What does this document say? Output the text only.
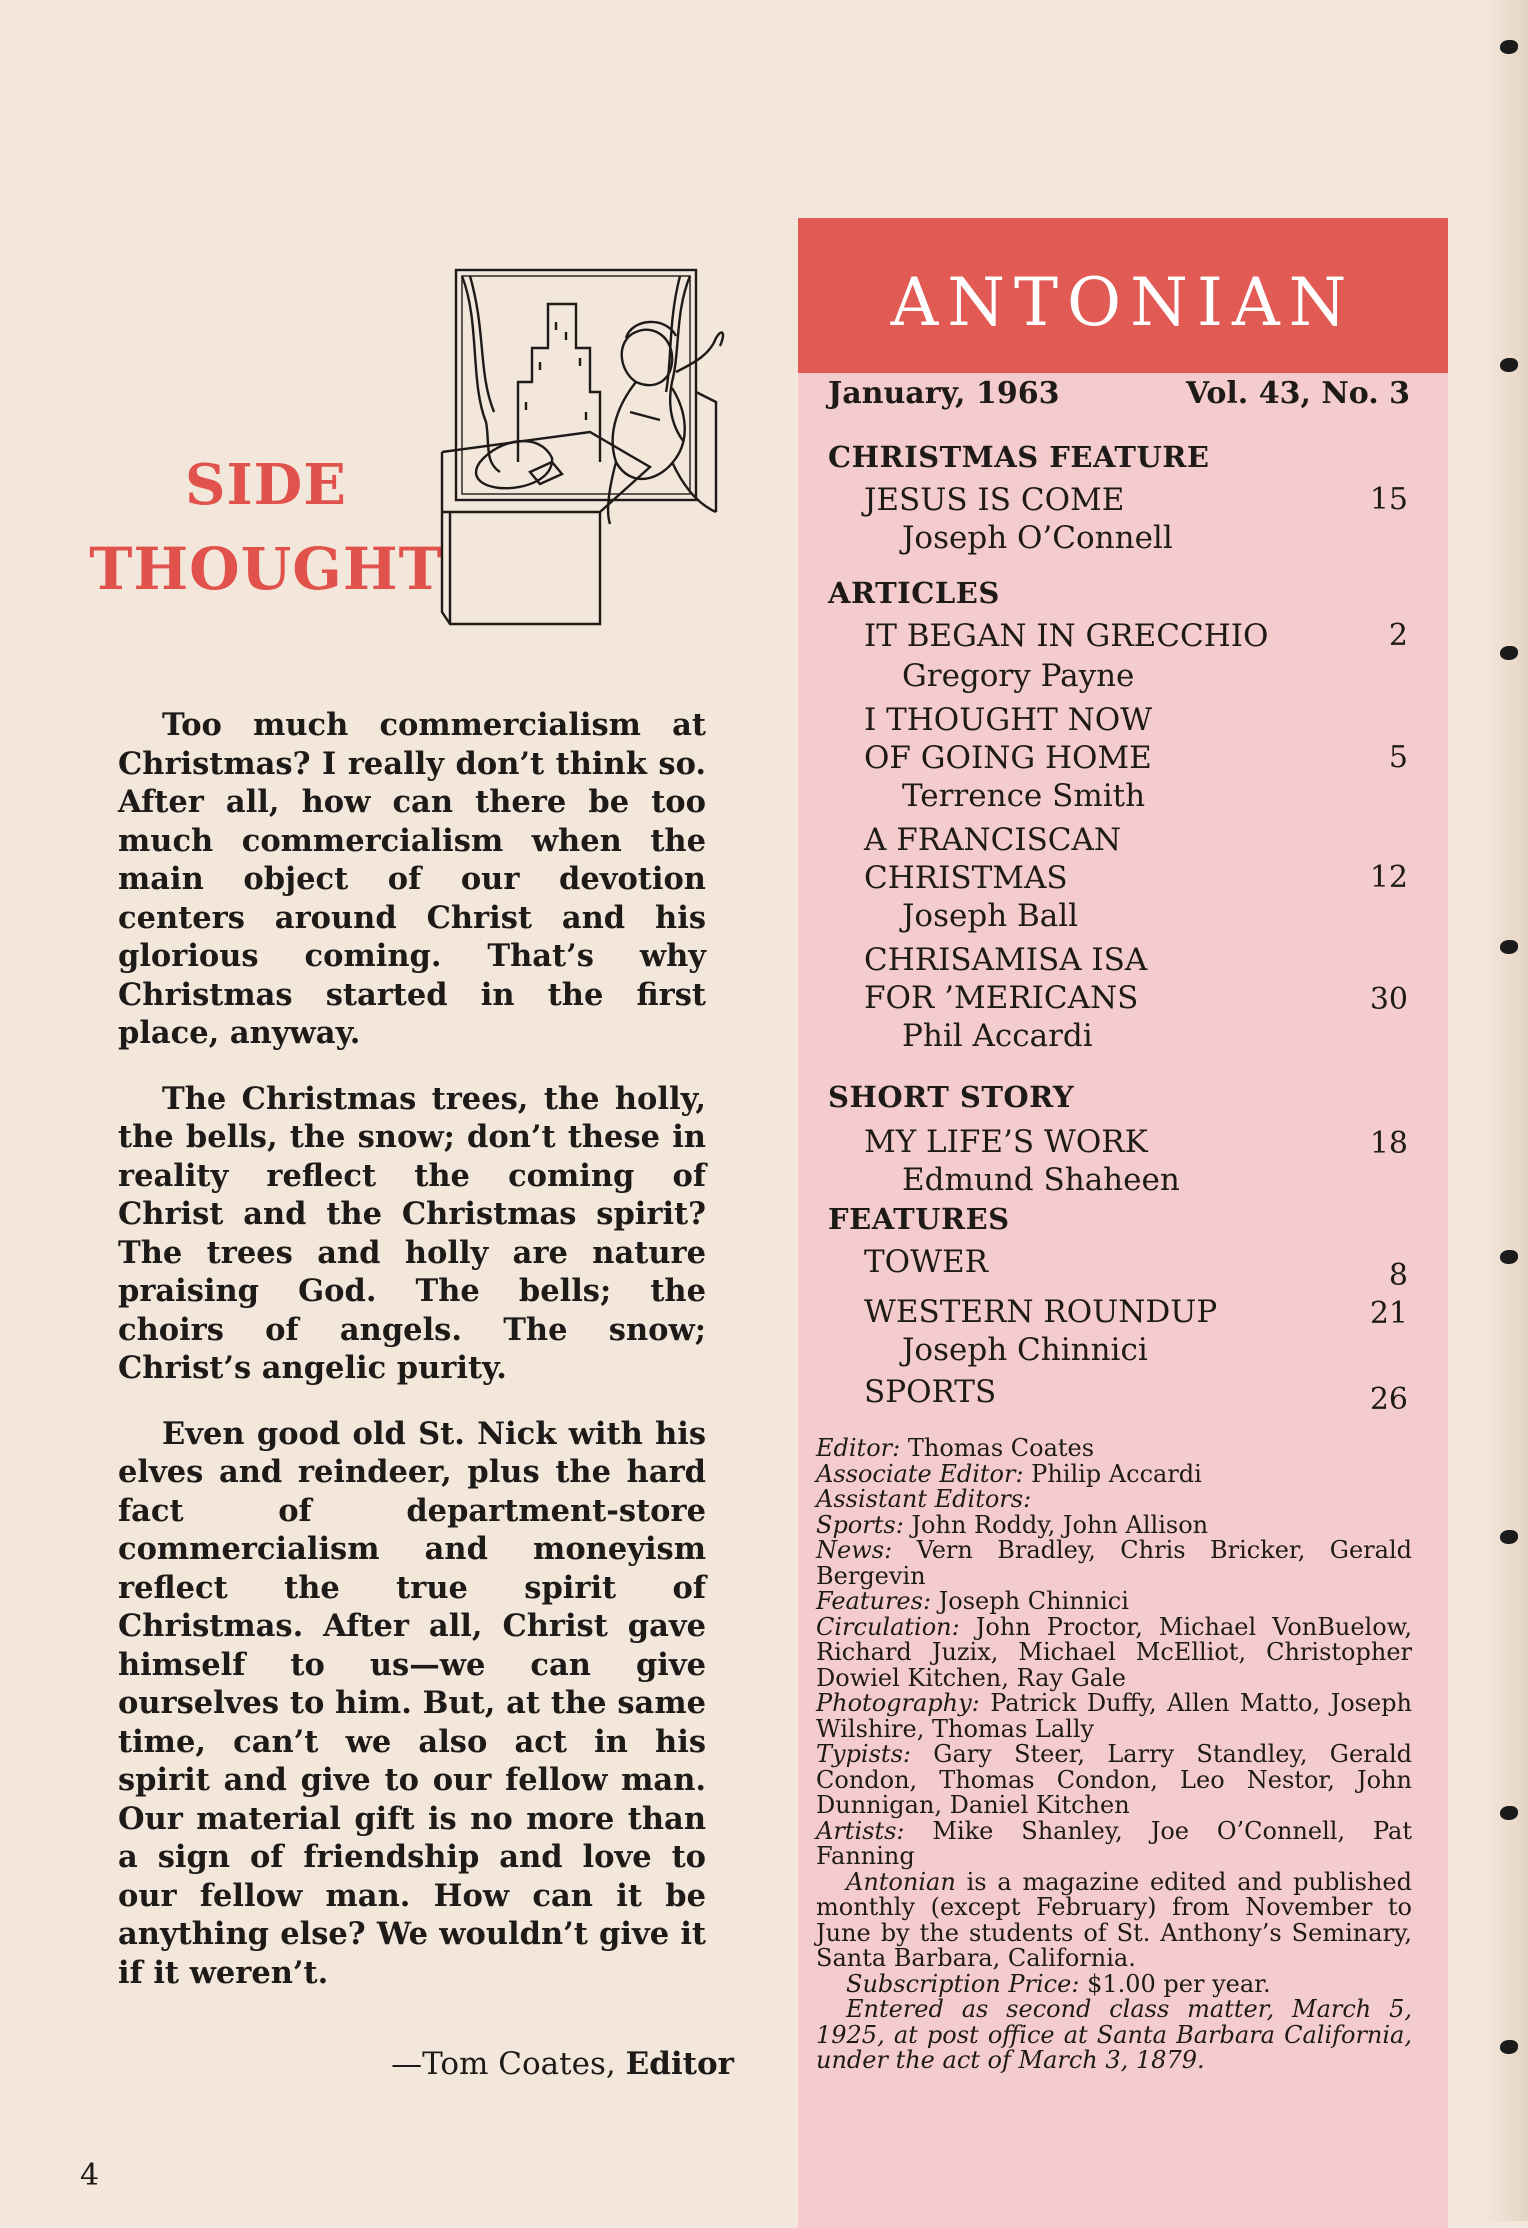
SIDE
THOUGHT

Too much commercialism at Christmas? I really don’t think so. After all, how can there be too much commercialism when the main object of our devotion centers around Christ and his glorious coming. That’s why Christmas started in the first place, anyway.

The Christmas trees, the holly, the bells, the snow; don’t these in reality reflect the coming of Christ and the Christmas spirit? The trees and holly are nature praising God. The bells; the choirs of angels. The snow; Christ’s angelic purity.

Even good old St. Nick with his elves and reindeer, plus the hard fact of department-store commercialism and moneyism reflect the true spirit of Christmas. After all, Christ gave himself to us—we can give ourselves to him. But, at the same time, can’t we also act in his spirit and give to our fellow man. Our material gift is no more than a sign of friendship and love to our fellow man. How can it be anything else? We wouldn’t give it if it weren’t.

—Tom Coates, Editor
4
ANTONIAN
January, 1963	Vol. 43, No. 3
CHRISTMAS FEATURE
JESUS IS COME	15
Joseph O’Connell
ARTICLES
IT BEGAN IN GRECCHIO	2
Gregory Payne
I THOUGHT NOW
OF GOING HOME	5
Terrence Smith
A FRANCISCAN
CHRISTMAS	12
Joseph Ball
CHRISAMISA ISA
FOR ’MERICANS	30
Phil Accardi
SHORT STORY
MY LIFE’S WORK	18
Edmund Shaheen
FEATURES
TOWER	8
WESTERN ROUNDUP	21
Joseph Chinnici
SPORTS	26
Editor: Thomas Coates
Associate Editor: Philip Accardi
Assistant Editors:
Sports: John Roddy, John Allison
News: Vern Bradley, Chris Bricker, Gerald Bergevin
Features: Joseph Chinnici
Circulation: John Proctor, Michael VonBuelow, Richard Juzix, Michael McElliot, Christopher Dowiel Kitchen, Ray Gale
Photography: Patrick Duffy, Allen Matto, Joseph Wilshire, Thomas Lally
Typists: Gary Steer, Larry Standley, Gerald Condon, Thomas Condon, Leo Nestor, John Dunnigan, Daniel Kitchen
Artists: Mike Shanley, Joe O’Connell, Pat Fanning
Antonian is a magazine edited and published monthly (except February) from November to June by the students of St. Anthony’s Seminary, Santa Barbara, California.
Subscription Price: $1.00 per year.
Entered as second class matter, March 5, 1925, at post office at Santa Barbara California, under the act of March 3, 1879.
